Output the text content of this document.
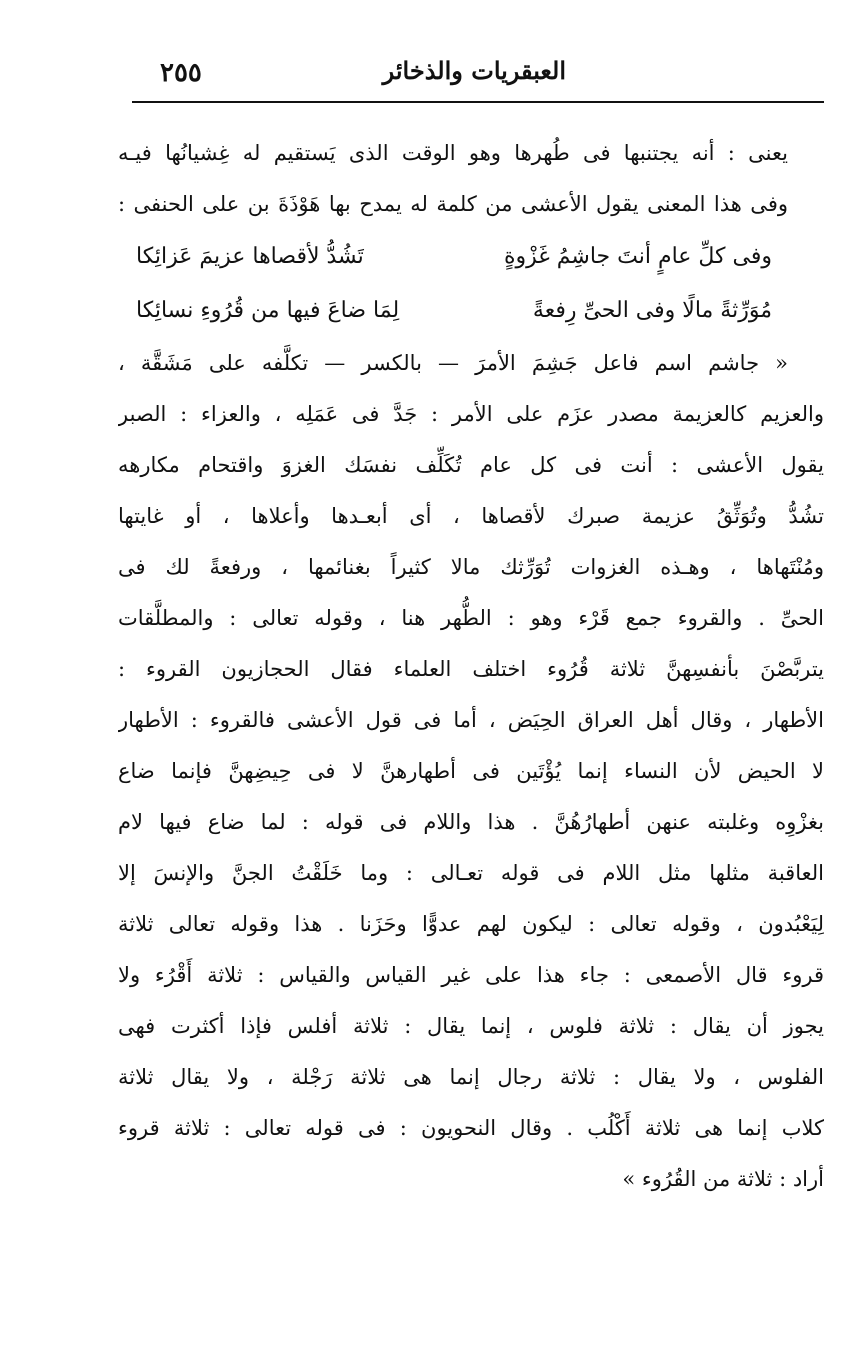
العبقريات والذخائر
٢٥٥
يعنى : أنه يجتنبها فى طُهرها وهو الوقت الذى يَستقيم له غِشيانُها فيـه
وفى هذا المعنى يقول الأعشى من كلمة له يمدح بها هَوْذَةَ بن على الحنفى :
وفى كلِّ عامٍ أنتَ جاشِمُ غَزْوةٍ
تَشُدُّ لأقصاها عزيمَ عَزائِكا
مُوَرِّثةً مالًا وفى الحىِّ رِفعةً
لِمَا ضاعَ فيها من قُرُوءِ نسائِكا
« جاشم اسم فاعل جَشِمَ الأمرَ — بالكسر — تكلَّفه على مَشَقَّة ،
والعزيم كالعزيمة مصدر عزَم على الأمر : جَدَّ فى عَمَلِه ، والعزاء : الصبر
يقول الأعشى : أنت فى كل عام تُكَلِّف نفسَك الغزوَ واقتحام مكارهه
تشُدُّ وتُوَثِّقُ عزيمة صبرك لأقصاها ، أى أبعـدها وأعلاها ، أو غايتها
ومُنْتَهاها ، وهـذه الغزوات تُوَرِّثك مالا كثيراً بغنائمها ، ورفعةً لك فى
الحىِّ . والقروء جمع قَرْء وهو : الطُّهر هنا ، وقوله تعالى : والمطلَّقات
يتربَّصْنَ بأنفسِهنَّ ثلاثة قُرُوء اختلف العلماء فقال الحجازيون القروء :
الأطهار ، وقال أهل العراق الحِيَض ، أما فى قول الأعشى فالقروء : الأطهار
لا الحيض لأن النساء إنما يُؤْتَين فى أطهارهنَّ لا فى حِيضِهنَّ فإنما ضاع
بغزْوِه وغلبته عنهن أطهارُهُنَّ . هذا واللام فى قوله : لما ضاع فيها لام
العاقبة مثلها مثل اللام فى قوله تعـالى : وما خَلَقْتُ الجنَّ والإنسَ إلا
لِيَعْبُدون ، وقوله تعالى : ليكون لهم عدوًّا وحَزَنا . هذا وقوله تعالى ثلاثة
قروء قال الأصمعى : جاء هذا على غير القياس والقياس : ثلاثة أَقْرُء ولا
يجوز أن يقال : ثلاثة فلوس ، إنما يقال : ثلاثة أفلس فإذا أكثرت فهى
الفلوس ، ولا يقال : ثلاثة رجال إنما هى ثلاثة رَجْلة ، ولا يقال ثلاثة
كلاب إنما هى ثلاثة أَكْلُب . وقال النحويون : فى قوله تعالى : ثلاثة قروء
أراد : ثلاثة من القُرُوء »
